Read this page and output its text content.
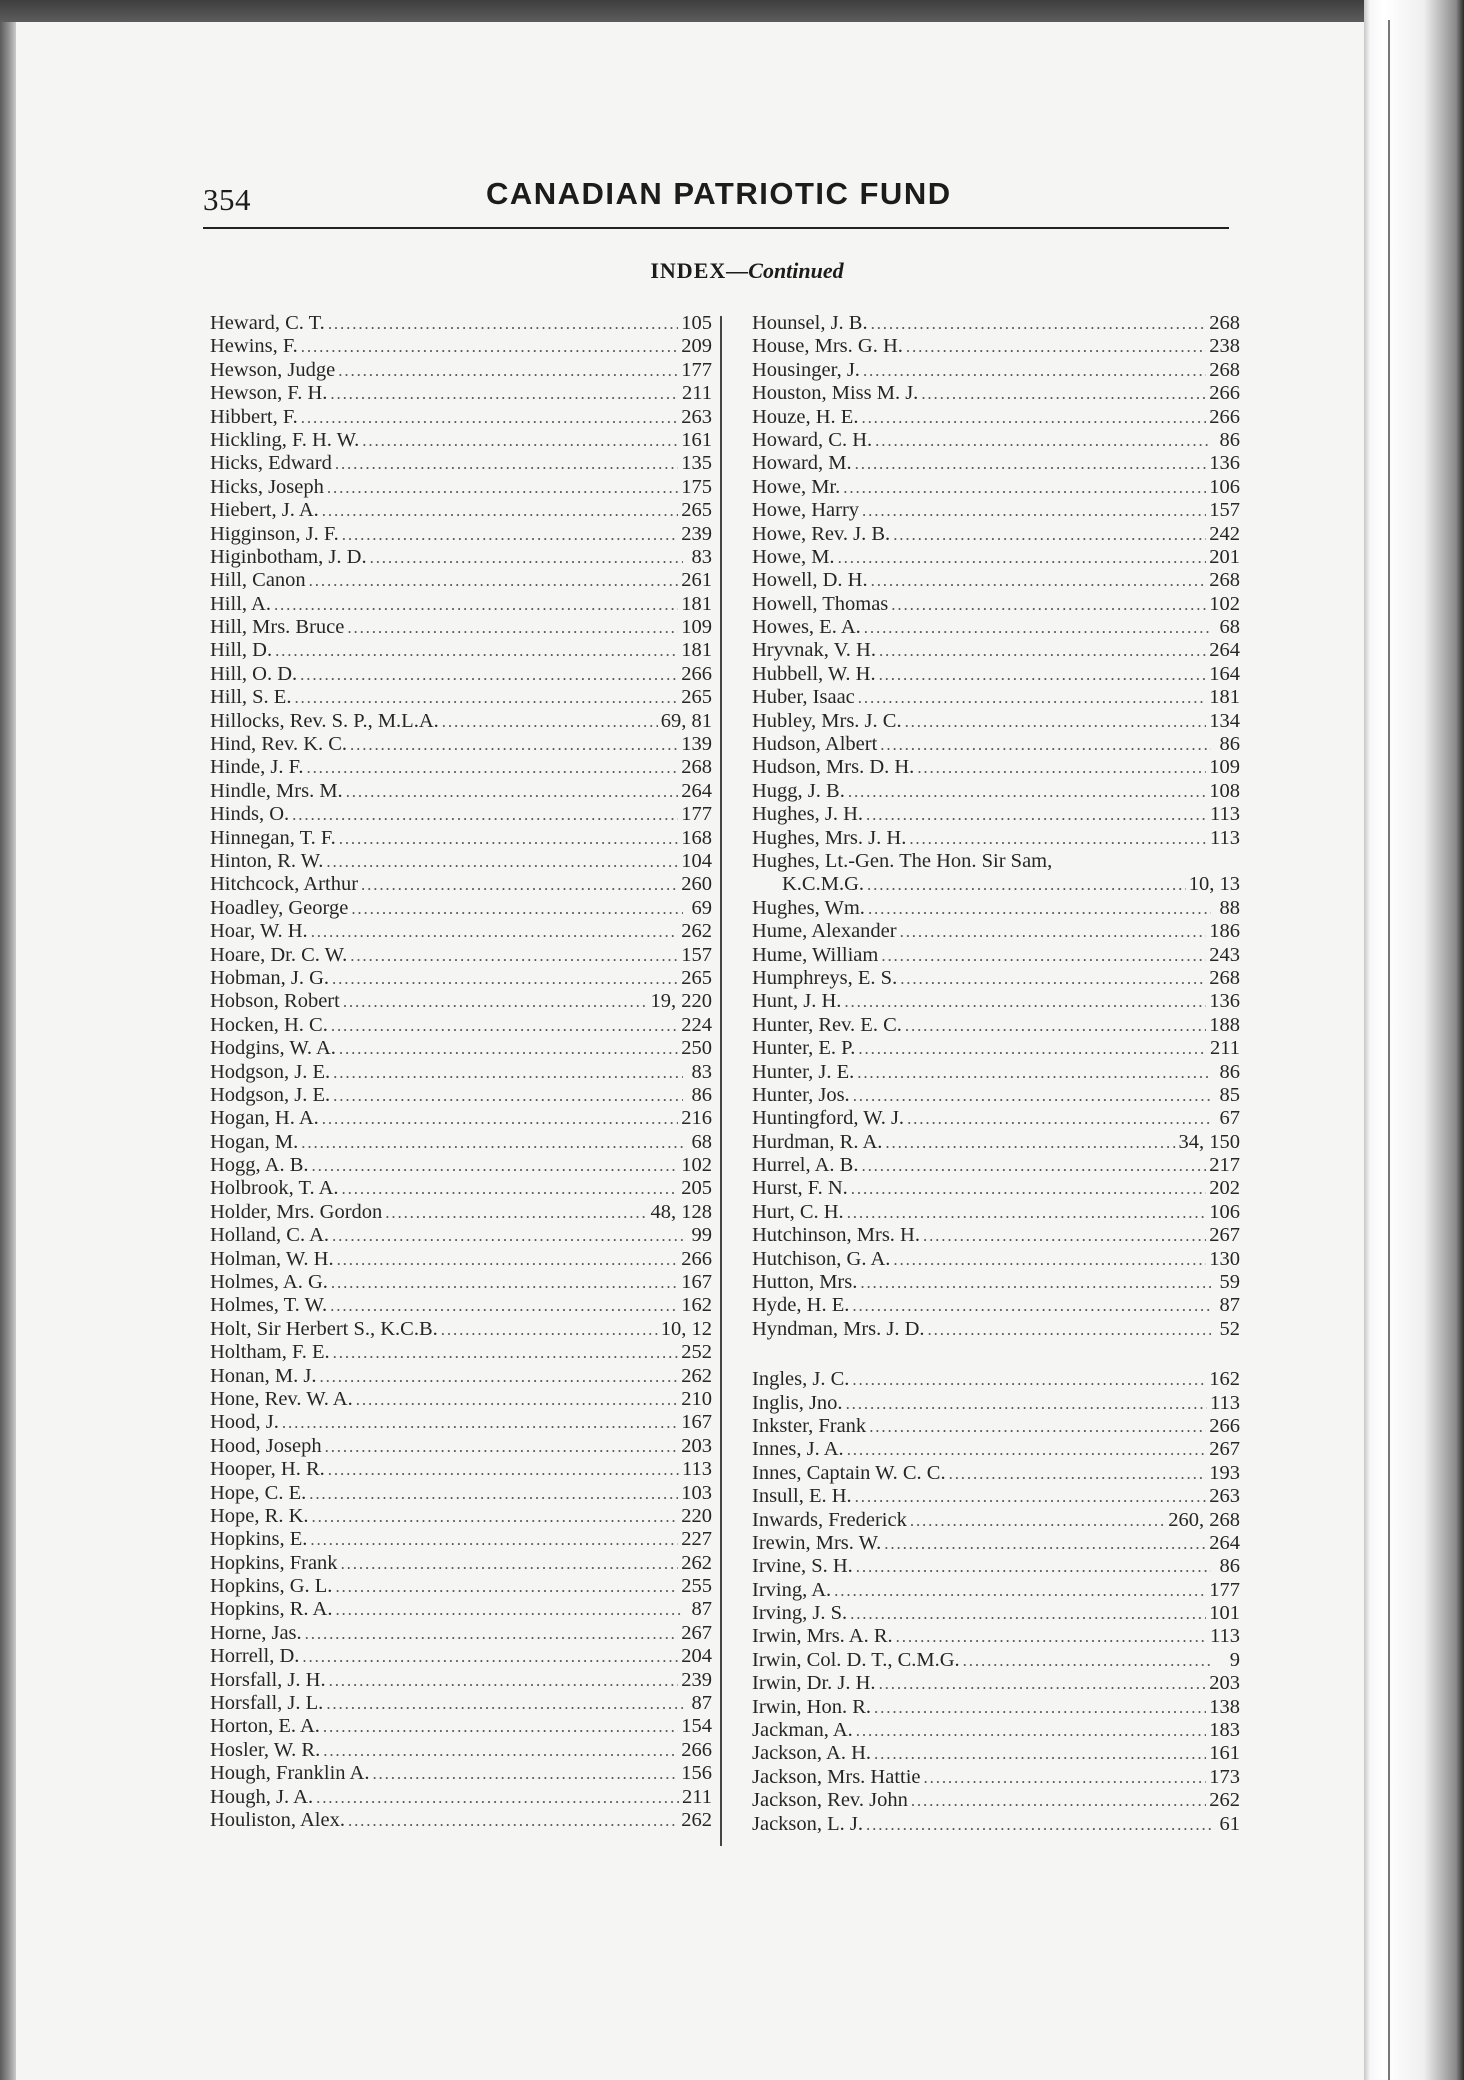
354	CANADIAN PATRIOTIC FUND
INDEX—Continued
Heward, C. T. . . .	105
Hewins, F. . . .	209
Hewson, Judge . . .	177
Hewson, F. H. . . .	211
Hibbert, F. . . .	263
Hickling, F. H. W. . . .	161
Hicks, Edward . . .	135
Hicks, Joseph . . .	175
Hiebert, J. A. . . .	265
Higginson, J. F. . . .	239
Higinbotham, J. D. . . .	83
Hill, Canon . . .	261
Hill, A. . . .	181
Hill, Mrs. Bruce . . .	109
Hill, D. . . .	181
Hill, O. D. . . .	266
Hill, S. E. . . .	265
Hillocks, Rev. S. P., M.L.A. . . .	69, 81
Hind, Rev. K. C. . . .	139
Hinde, J. F. . . .	268
Hindle, Mrs. M. . . .	264
Hinds, O. . . .	177
Hinnegan, T. F. . . .	168
Hinton, R. W. . . .	104
Hitchcock, Arthur . . .	260
Hoadley, George . . .	69
Hoar, W. H. . . .	262
Hoare, Dr. C. W. . . .	157
Hobman, J. G. . . .	265
Hobson, Robert . . .	19, 220
Hocken, H. C. . . .	224
Hodgins, W. A. . . .	250
Hodgson, J. E. . . .	83
Hodgson, J. E. . . .	86
Hogan, H. A. . . .	216
Hogan, M. . . .	68
Hogg, A. B. . . .	102
Holbrook, T. A. . . .	205
Holder, Mrs. Gordon . . .	48, 128
Holland, C. A. . . .	99
Holman, W. H. . . .	266
Holmes, A. G. . . .	167
Holmes, T. W. . . .	162
Holt, Sir Herbert S., K.C.B. . . .	10, 12
Holtham, F. E. . . .	252
Honan, M. J. . . .	262
Hone, Rev. W. A. . . .	210
Hood, J. . . .	167
Hood, Joseph . . .	203
Hooper, H. R. . . .	113
Hope, C. E. . . .	103
Hope, R. K. . . .	220
Hopkins, E. . . .	227
Hopkins, Frank . . .	262
Hopkins, G. L. . . .	255
Hopkins, R. A. . . .	87
Horne, Jas. . . .	267
Horrell, D. . . .	204
Horsfall, J. H. . . .	239
Horsfall, J. L. . . .	87
Horton, E. A. . . .	154
Hosler, W. R. . . .	266
Hough, Franklin A. . . .	156
Hough, J. A. . . .	211
Houliston, Alex. . . .	262
Hounsel, J. B. . . .	268
House, Mrs. G. H. . . .	238
Housinger, J. . . .	268
Houston, Miss M. J. . . .	266
Houze, H. E. . . .	266
Howard, C. H. . . .	86
Howard, M. . . .	136
Howe, Mr. . . .	106
Howe, Harry . . .	157
Howe, Rev. J. B. . . .	242
Howe, M. . . .	201
Howell, D. H. . . .	268
Howell, Thomas . . .	102
Howes, E. A. . . .	68
Hryvnak, V. H. . . .	264
Hubbell, W. H. . . .	164
Huber, Isaac . . .	181
Hubley, Mrs. J. C. . . .	134
Hudson, Albert . . .	86
Hudson, Mrs. D. H. . . .	109
Hugg, J. B. . . .	108
Hughes, J. H. . . .	113
Hughes, Mrs. J. H. . . .	113
Hughes, Lt.-Gen. The Hon. Sir Sam,
K.C.M.G. . . .	10, 13
Hughes, Wm. . . .	88
Hume, Alexander . . .	186
Hume, William . . .	243
Humphreys, E. S. . . .	268
Hunt, J. H. . . .	136
Hunter, Rev. E. C. . . .	188
Hunter, E. P. . . .	211
Hunter, J. E. . . .	86
Hunter, Jos. . . .	85
Huntingford, W. J. . . .	67
Hurdman, R. A. . . .	34, 150
Hurrel, A. B. . . .	217
Hurst, F. N. . . .	202
Hurt, C. H. . . .	106
Hutchinson, Mrs. H. . . .	267
Hutchison, G. A. . . .	130
Hutton, Mrs. . . .	59
Hyde, H. E. . . .	87
Hyndman, Mrs. J. D. . . .	52
Ingles, J. C. . . .	162
Inglis, Jno. . . .	113
Inkster, Frank . . .	266
Innes, J. A. . . .	267
Innes, Captain W. C. C. . . .	193
Insull, E. H. . . .	263
Inwards, Frederick . . .	260, 268
Irewin, Mrs. W. . . .	264
Irvine, S. H. . . .	86
Irving, A. . . .	177
Irving, J. S. . . .	101
Irwin, Mrs. A. R. . . .	113
Irwin, Col. D. T., C.M.G. . . .	9
Irwin, Dr. J. H. . . .	203
Irwin, Hon. R. . . .	138
Jackman, A. . . .	183
Jackson, A. H. . . .	161
Jackson, Mrs. Hattie . . .	173
Jackson, Rev. John . . .	262
Jackson, L. J. . . .	61
